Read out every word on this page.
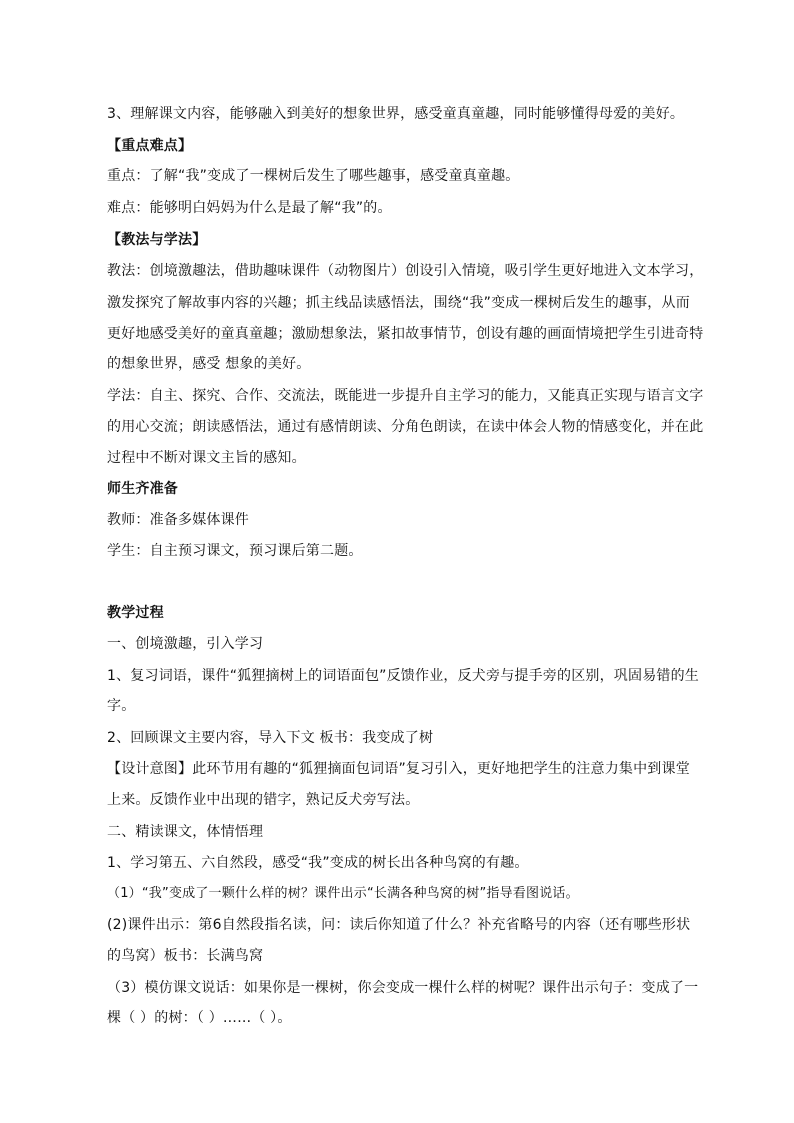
3、理解课文内容，能够融入到美好的想象世界，感受童真童趣，同时能够懂得母爱的美好。
【重点难点】
重点：了解“我”变成了一棵树后发生了哪些趣事，感受童真童趣。
难点：能够明白妈妈为什么是最了解“我”的。
【教法与学法】
教法：创境激趣法，借助趣味课件（动物图片）创设引入情境，吸引学生更好地进入文本学习，
激发探究了解故事内容的兴趣；抓主线品读感悟法，围绕“我”变成一棵树后发生的趣事，从而
更好地感受美好的童真童趣；激励想象法，紧扣故事情节，创设有趣的画面情境把学生引进奇特
的想象世界，感受 想象的美好。
学法：自主、探究、合作、交流法，既能进一步提升自主学习的能力，又能真正实现与语言文字
的用心交流；朗读感悟法，通过有感情朗读、分角色朗读，在读中体会人物的情感变化，并在此
过程中不断对课文主旨的感知。
师生齐准备
教师：准备多媒体课件
学生：自主预习课文，预习课后第二题。
教学过程
一、创境激趣，引入学习
1、复习词语，课件“狐狸摘树上的词语面包”反馈作业，反犬旁与提手旁的区别，巩固易错的生
字。
2、回顾课文主要内容，导入下文 板书：我变成了树
【设计意图】此环节用有趣的“狐狸摘面包词语”复习引入，更好地把学生的注意力集中到课堂
上来。反馈作业中出现的错字，熟记反犬旁写法。
二、精读课文，体情悟理
1、学习第五、六自然段，感受“我”变成的树长出各种鸟窝的有趣。
（1）“我”变成了一颗什么样的树？课件出示“长满各种鸟窝的树”指导看图说话。
(2)课件出示：第6自然段指名读，问：读后你知道了什么？补充省略号的内容（还有哪些形状
的鸟窝）板书：长满鸟窝
（3）模仿课文说话：如果你是一棵树，你会变成一棵什么样的树呢？课件出示句子：变成了一
棵（ ）的树：（ ）……（ ）。
